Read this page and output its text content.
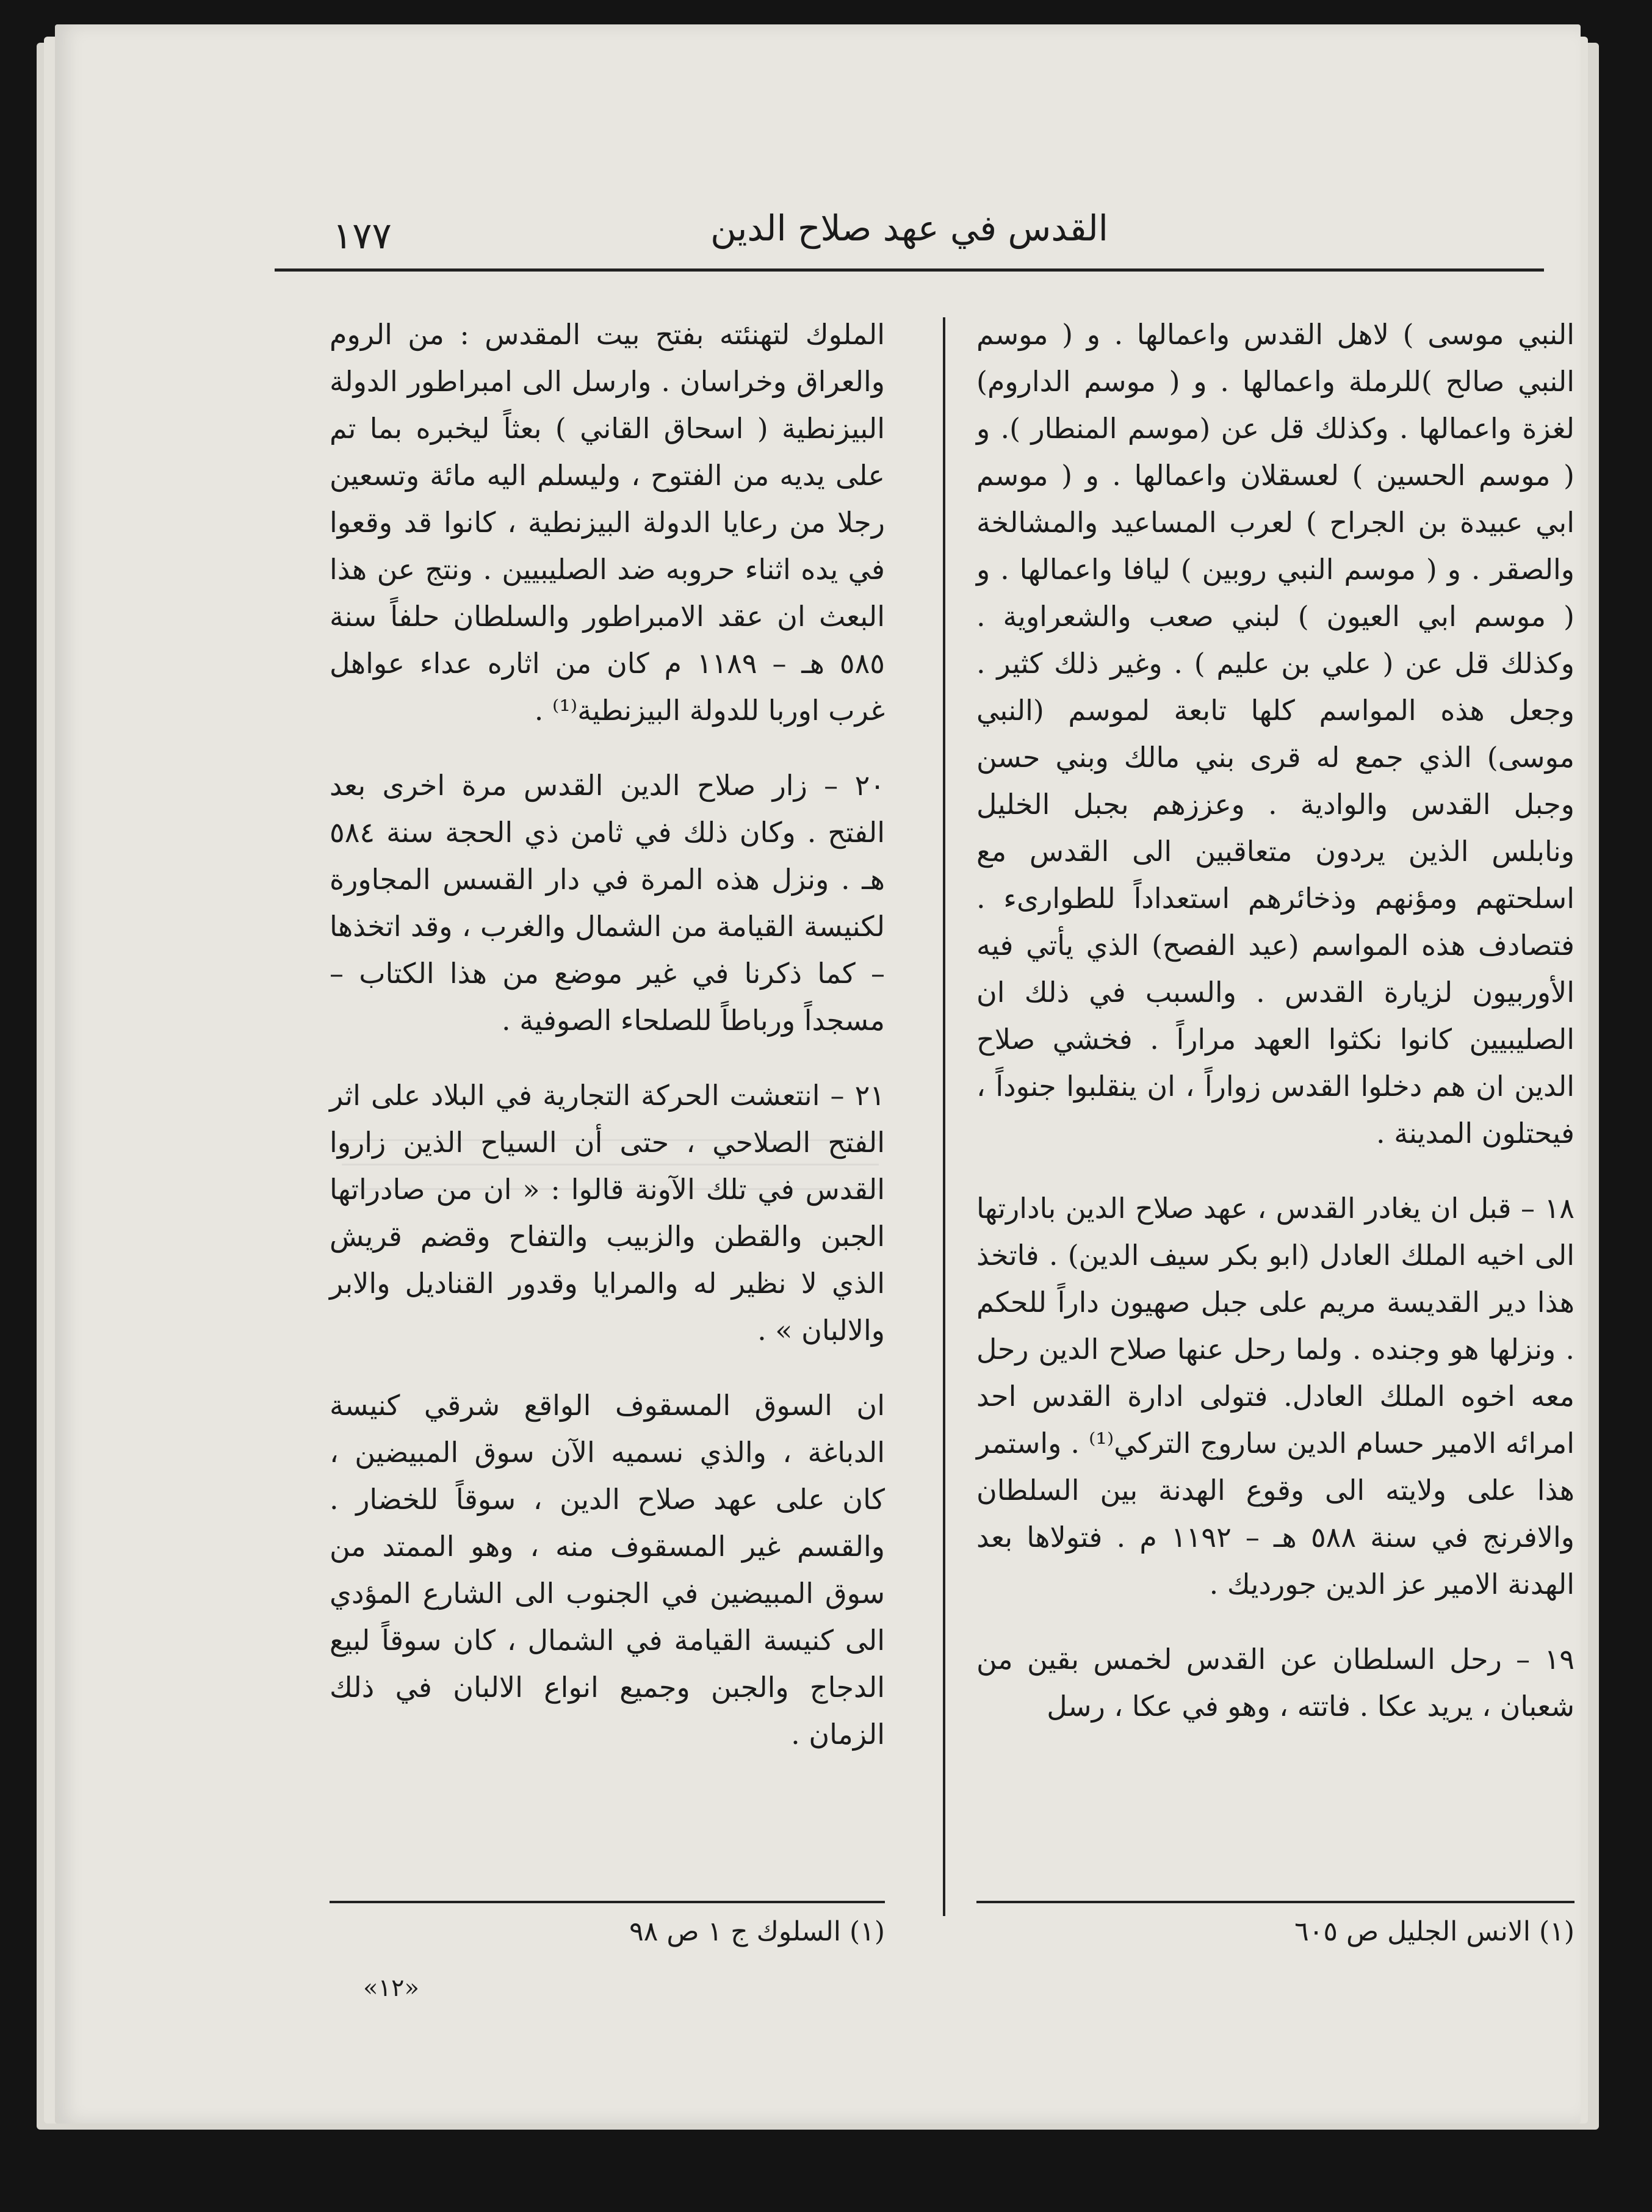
١٧٧	القدس في عهد صلاح الدين

النبي موسى ) لاهل القدس واعمالها . و ( موسم النبي صالح )للرملة واعمالها . و ( موسم الداروم) لغزة واعمالها . وكذلك قل عن (موسم المنطار ). و ( موسم الحسين ) لعسقلان واعمالها . و ( موسم ابي عبيدة بن الجراح ) لعرب المساعيد والمشالخة والصقر . و ( موسم النبي روبين ) ليافا واعمالها . و ( موسم ابي العيون ) لبني صعب والشعراوية . وكذلك قل عن ( علي بن عليم ) . وغير ذلك كثير . وجعل هذه المواسم كلها تابعة لموسم (النبي موسى) الذي جمع له قرى بني مالك وبني حسن وجبل القدس والوادية . وعززهم بجبل الخليل ونابلس الذين يردون متعاقبين الى القدس مع اسلحتهم ومؤنهم وذخائرهم استعداداً للطوارىء . فتصادف هذه المواسم (عيد الفصح) الذي يأتي فيه الأوربيون لزيارة القدس . والسبب في ذلك ان الصليبيين كانوا نكثوا العهد مراراً . فخشي صلاح الدين ان هم دخلوا القدس زواراً ، ان ينقلبوا جنوداً ، فيحتلون المدينة .

١٨ – قبل ان يغادر القدس ، عهد صلاح الدين بادارتها الى اخيه الملك العادل (ابو بكر سيف الدين) . فاتخذ هذا دير القديسة مريم على جبل صهيون داراً للحكم . ونزلها هو وجنده . ولما رحل عنها صلاح الدين رحل معه اخوه الملك العادل. فتولى ادارة القدس احد امرائه الامير حسام الدين ساروج التركي⁽¹⁾ . واستمر هذا على ولايته الى وقوع الهدنة بين السلطان والافرنج في سنة ٥٨٨ هـ – ١١٩٢ م . فتولاها بعد الهدنة الامير عز الدين جورديك .

١٩ – رحل السلطان عن القدس لخمس بقين من شعبان ، يريد عكا . فاتته ، وهو في عكا ، رسل

الملوك لتهنئته بفتح بيت المقدس : من الروم والعراق وخراسان . وارسل الى امبراطور الدولة البيزنطية ( اسحاق القاني ) بعثاً ليخبره بما تم على يديه من الفتوح ، وليسلم اليه مائة وتسعين رجلا من رعايا الدولة البيزنطية ، كانوا قد وقعوا في يده اثناء حروبه ضد الصليبيين . ونتج عن هذا البعث ان عقد الامبراطور والسلطان حلفاً سنة ٥٨٥ هـ – ١١٨٩ م كان من اثاره عداء عواهل غرب اوربا للدولة البيزنطية⁽¹⁾ .

٢٠ – زار صلاح الدين القدس مرة اخرى بعد الفتح . وكان ذلك في ثامن ذي الحجة سنة ٥٨٤ هـ . ونزل هذه المرة في دار القسس المجاورة لكنيسة القيامة من الشمال والغرب ، وقد اتخذها – كما ذكرنا في غير موضع من هذا الكتاب – مسجداً ورباطاً للصلحاء الصوفية .

٢١ – انتعشت الحركة التجارية في البلاد على اثر الفتح الصلاحي ، حتى أن السياح الذين زاروا القدس في تلك الآونة قالوا : « ان من صادراتها الجبن والقطن والزبيب والتفاح وقضم قريش الذي لا نظير له والمرايا وقدور القناديل والابر والالبان » .

ان السوق المسقوف الواقع شرقي كنيسة الدباغة ، والذي نسميه الآن سوق المبيضين ، كان على عهد صلاح الدين ، سوقاً للخضار . والقسم غير المسقوف منه ، وهو الممتد من سوق المبيضين في الجنوب الى الشارع المؤدي الى كنيسة القيامة في الشمال ، كان سوقاً لبيع الدجاج والجبن وجميع انواع الالبان في ذلك الزمان .

(١) الانس الجليل ص ٦٠٥
(١) السلوك ج ١ ص ٩٨
«١٢»
